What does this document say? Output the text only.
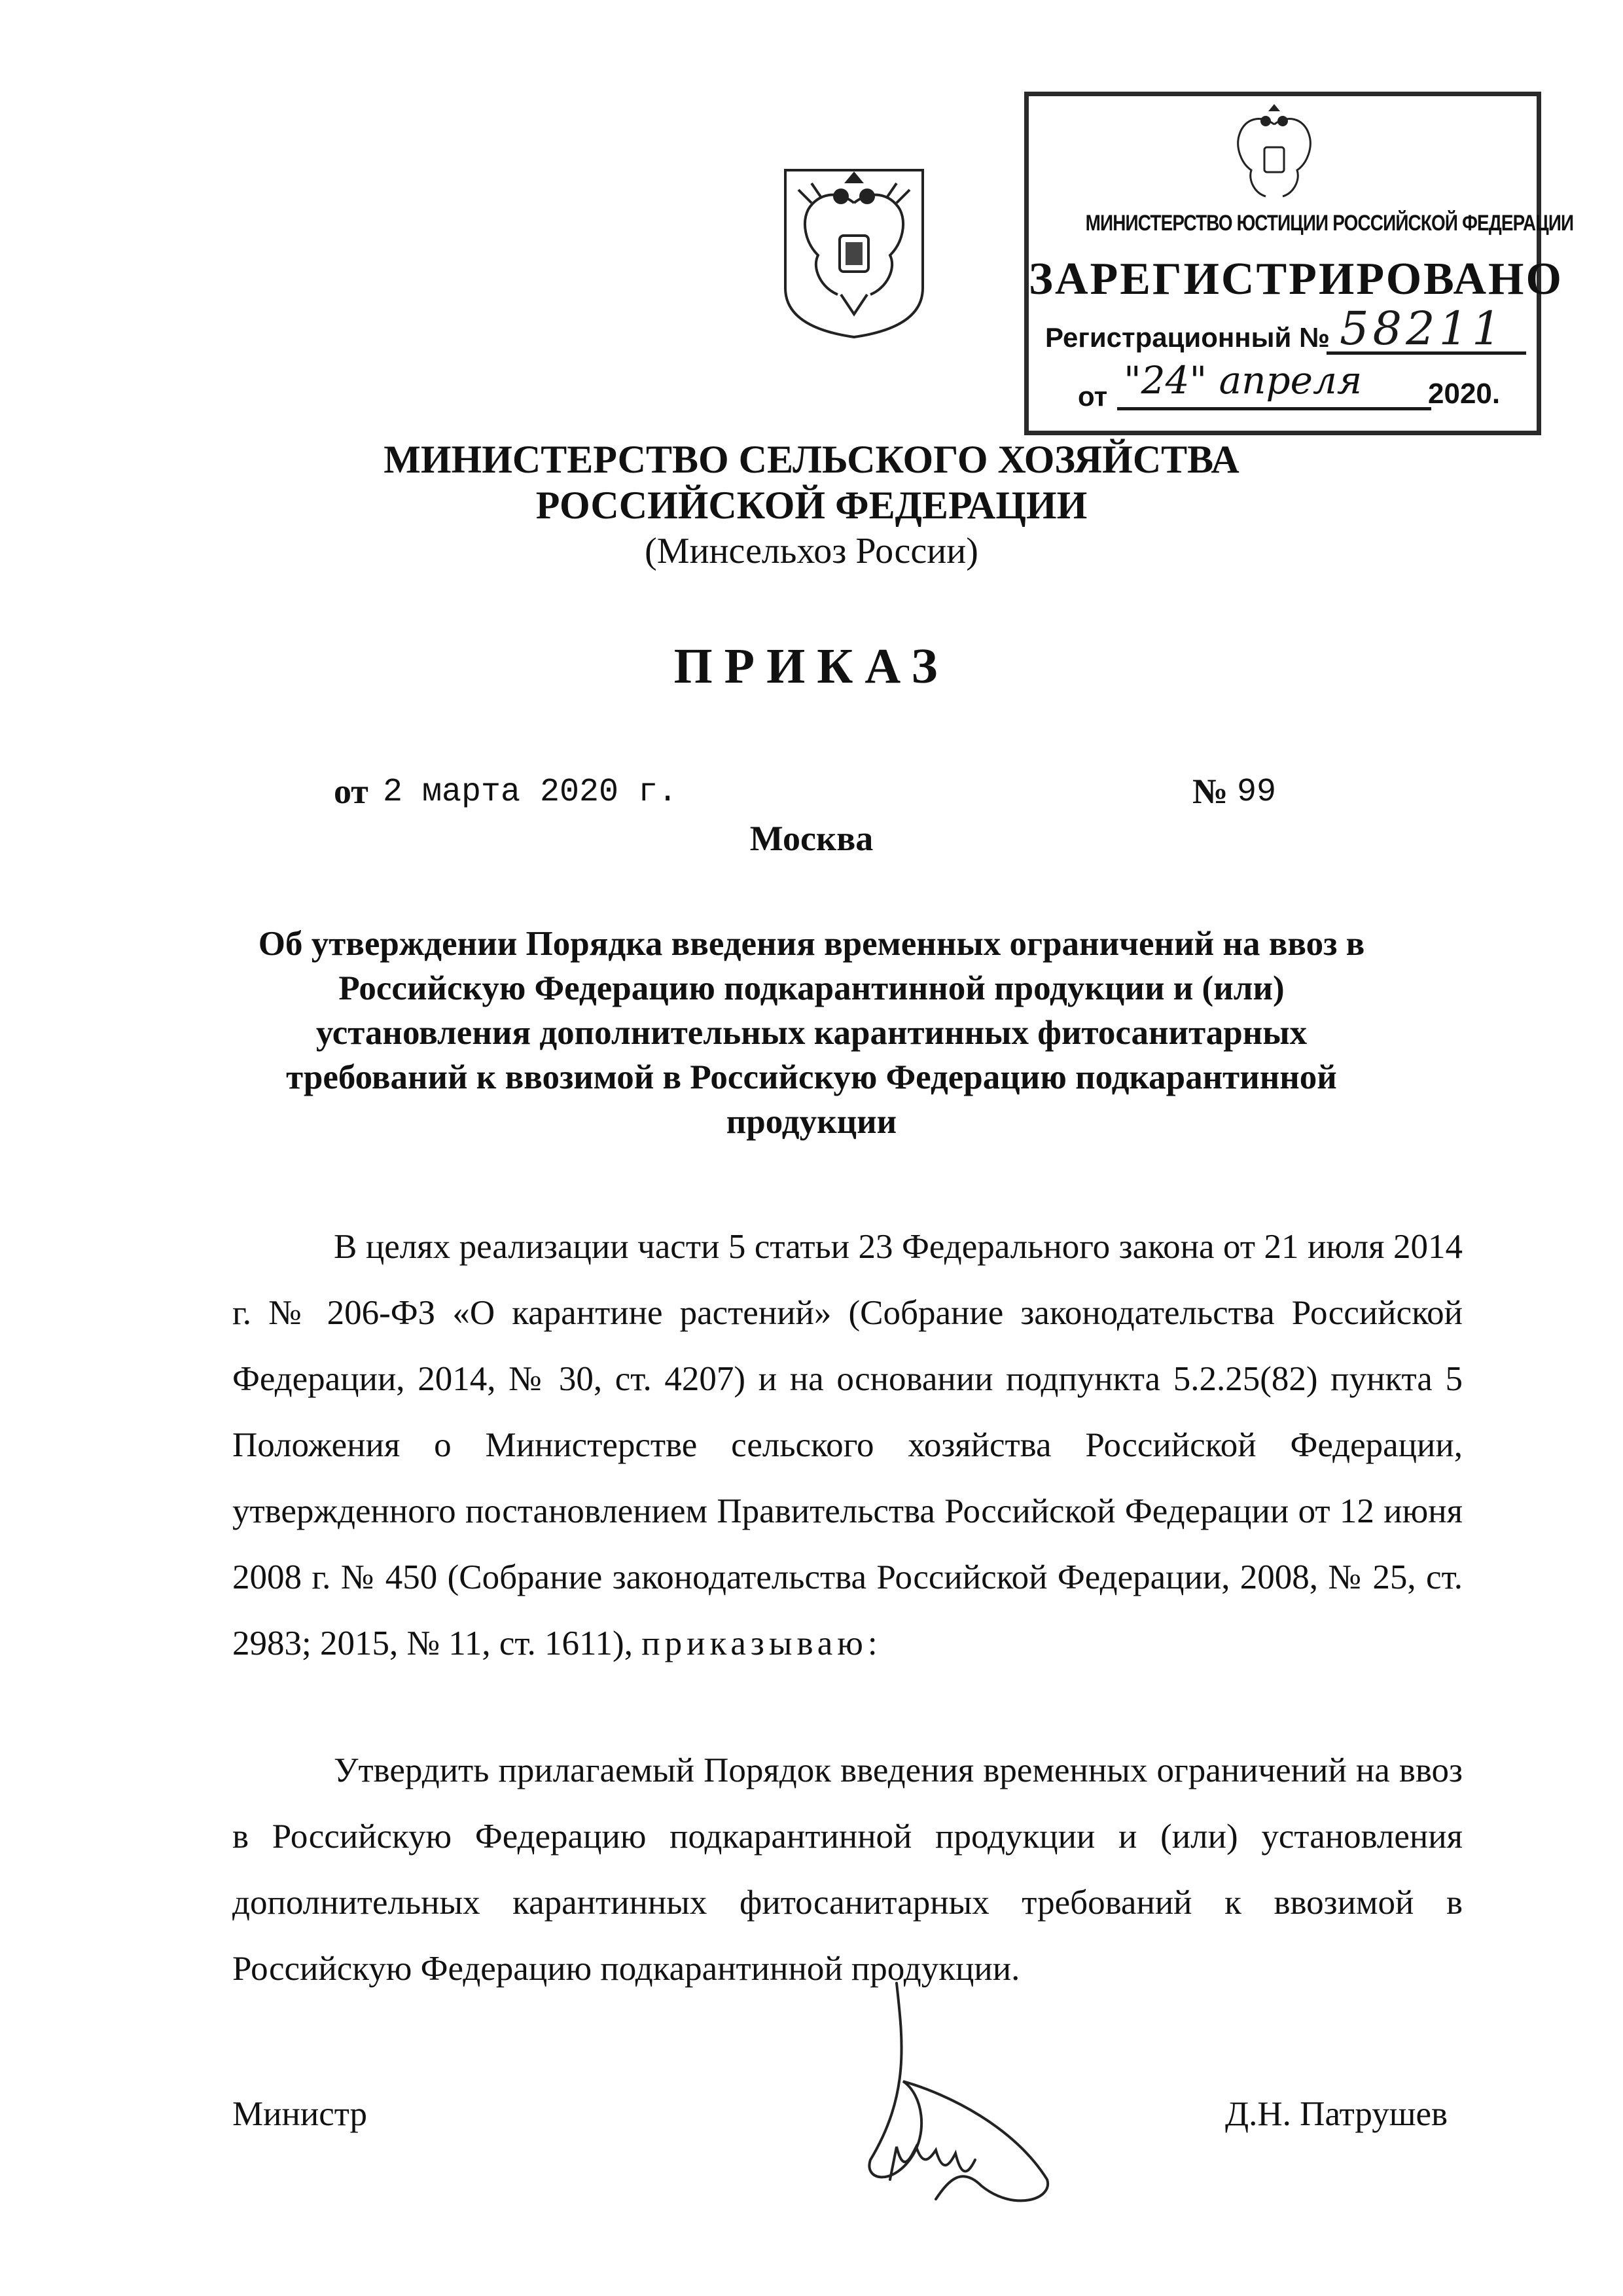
МИНИСТЕРСТВО ЮСТИЦИИ РОССИЙСКОЙ ФЕДЕРАЦИИ
ЗАРЕГИСТРИРОВАНО
Регистрационный № 58211
от "24" апреля	2020.
МИНИСТЕРСТВО СЕЛЬСКОГО ХОЗЯЙСТВА
РОССИЙСКОЙ ФЕДЕРАЦИИ
(Минсельхоз России)
ПРИКАЗ
от 2 марта 2020 г.	№ 99
Москва
Об утверждении Порядка введения временных ограничений на ввоз в Российскую Федерацию подкарантинной продукции и (или) установления дополнительных карантинных фитосанитарных требований к ввозимой в Российскую Федерацию подкарантинной продукции
В целях реализации части 5 статьи 23 Федерального закона от 21 июля 2014 г. № 206-ФЗ «О карантине растений» (Собрание законодательства Российской Федерации, 2014, № 30, ст. 4207) и на основании подпункта 5.2.25(82) пункта 5 Положения о Министерстве сельского хозяйства Российской Федерации, утвержденного постановлением Правительства Российской Федерации от 12 июня 2008 г. № 450 (Собрание законодательства Российской Федерации, 2008, № 25, ст. 2983; 2015, № 11, ст. 1611), приказываю:
Утвердить прилагаемый Порядок введения временных ограничений на ввоз в Российскую Федерацию подкарантинной продукции и (или) установления дополнительных карантинных фитосанитарных требований к ввозимой в Российскую Федерацию подкарантинной продукции.
Министр	Д.Н. Патрушев
